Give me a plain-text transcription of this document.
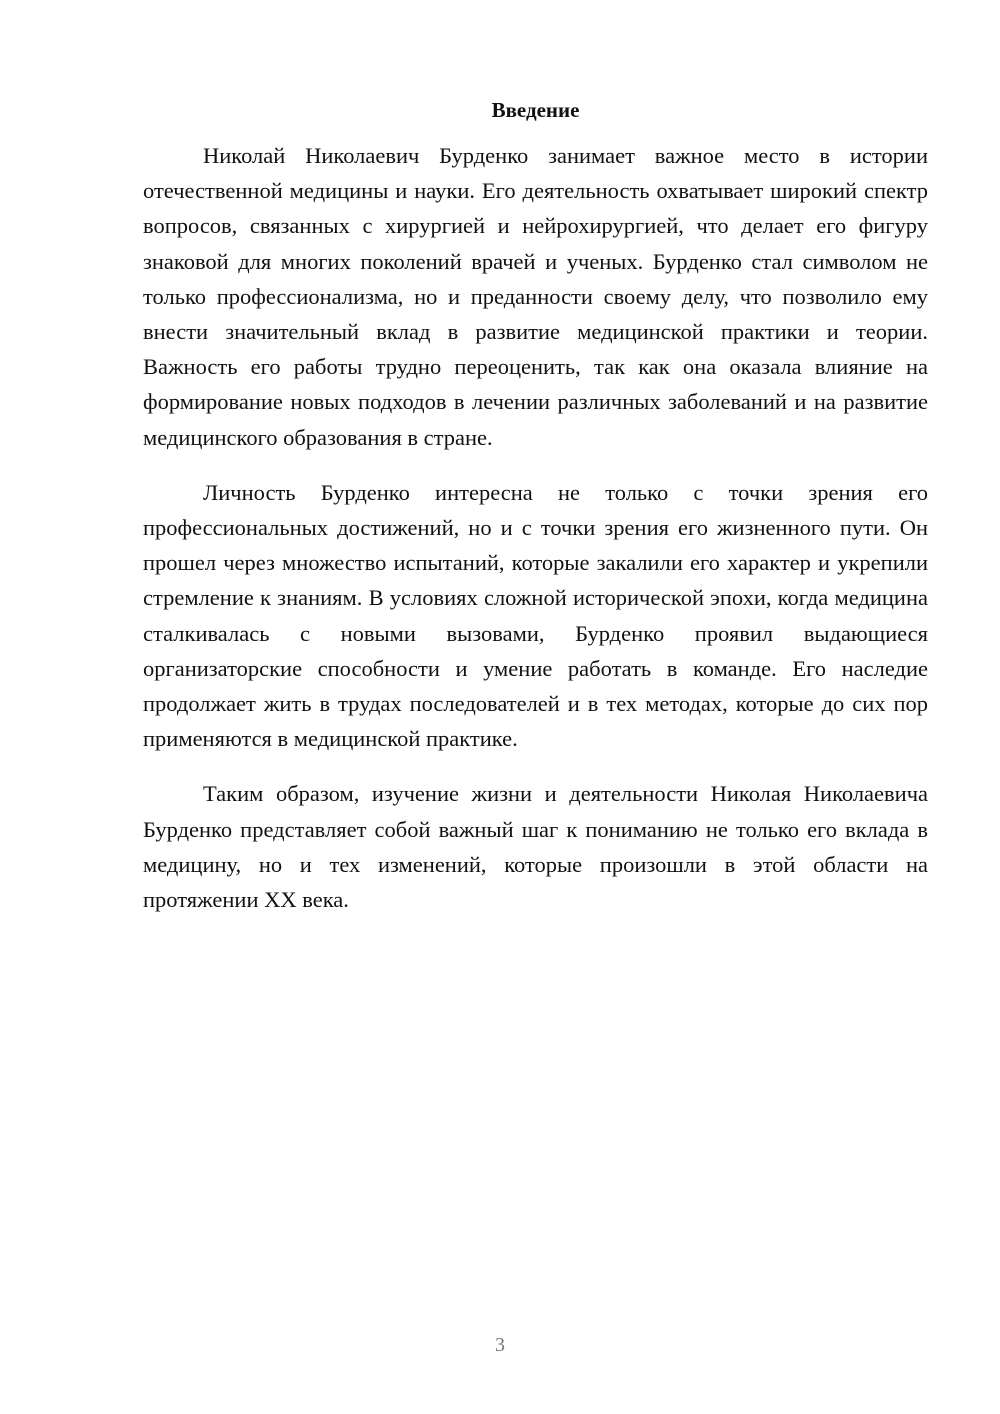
Введение

Николай Николаевич Бурденко занимает важное место в истории отечественной медицины и науки. Его деятельность охватывает широкий спектр вопросов, связанных с хирургией и нейрохирургией, что делает его фигуру знаковой для многих поколений врачей и ученых. Бурденко стал символом не только профессионализма, но и преданности своему делу, что позволило ему внести значительный вклад в развитие медицинской практики и теории. Важность его работы трудно переоценить, так как она оказала влияние на формирование новых подходов в лечении различных заболеваний и на развитие медицинского образования в стране.

Личность Бурденко интересна не только с точки зрения его профессиональных достижений, но и с точки зрения его жизненного пути. Он прошел через множество испытаний, которые закалили его характер и укрепили стремление к знаниям. В условиях сложной исторической эпохи, когда медицина сталкивалась с новыми вызовами, Бурденко проявил выдающиеся организаторские способности и умение работать в команде. Его наследие продолжает жить в трудах последователей и в тех методах, которые до сих пор применяются в медицинской практике.

Таким образом, изучение жизни и деятельности Николая Николаевича Бурденко представляет собой важный шаг к пониманию не только его вклада в медицину, но и тех изменений, которые произошли в этой области на протяжении XX века.

3
